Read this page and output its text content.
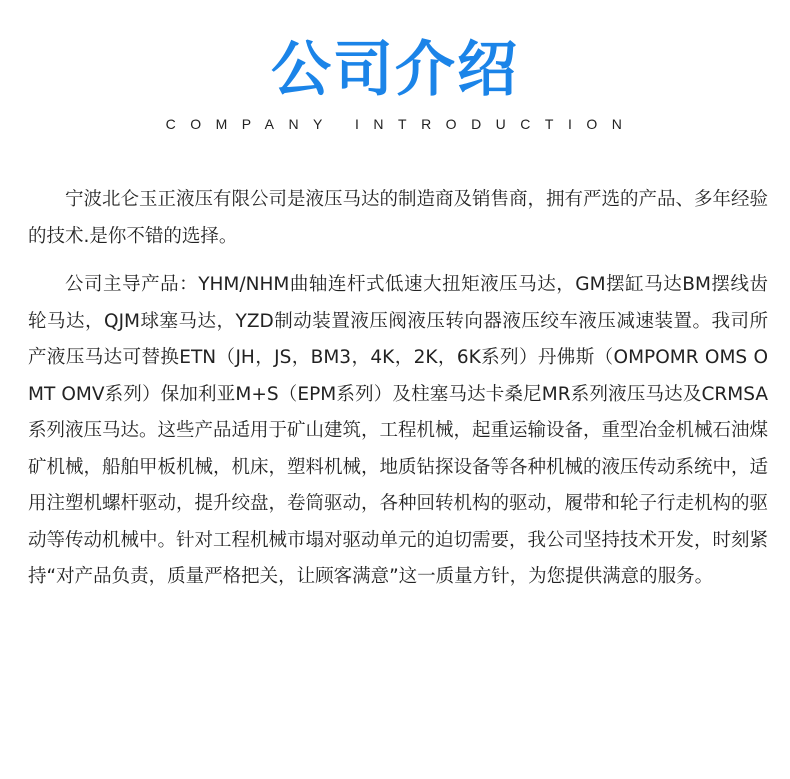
公司介绍
COMPANY INTRODUCTION

宁波北仑玉正液压有限公司是液压马达的制造商及销售商，拥有严选的产品、多年经验的技术.是你不错的选择。

公司主导产品：YHM/NHM曲轴连杆式低速大扭矩液压马达，GM摆缸马达BM摆线齿轮马达，QJM球塞马达，YZD制动装置液压阀液压转向器液压绞车液压减速装置。我司所产液压马达可替换ETN（JH，JS，BM3，4K，2K，6K系列）丹佛斯（OMPOMR OMS OMT OMV系列）保加利亚M+S（EPM系列）及柱塞马达卡桑尼MR系列液压马达及CRMSA系列液压马达。这些产品适用于矿山建筑，工程机械，起重运输设备，重型冶金机械石油煤矿机械，船舶甲板机械，机床，塑料机械，地质钻探设备等各种机械的液压传动系统中，适用注塑机螺杆驱动，提升绞盘，卷筒驱动，各种回转机构的驱动，履带和轮子行走机构的驱动等传动机械中。针对工程机械市塌对驱动单元的迫切需要，我公司坚持技术开发，时刻紧持“对产品负责，质量严格把关，让顾客满意”这一质量方针，为您提供满意的服务。
